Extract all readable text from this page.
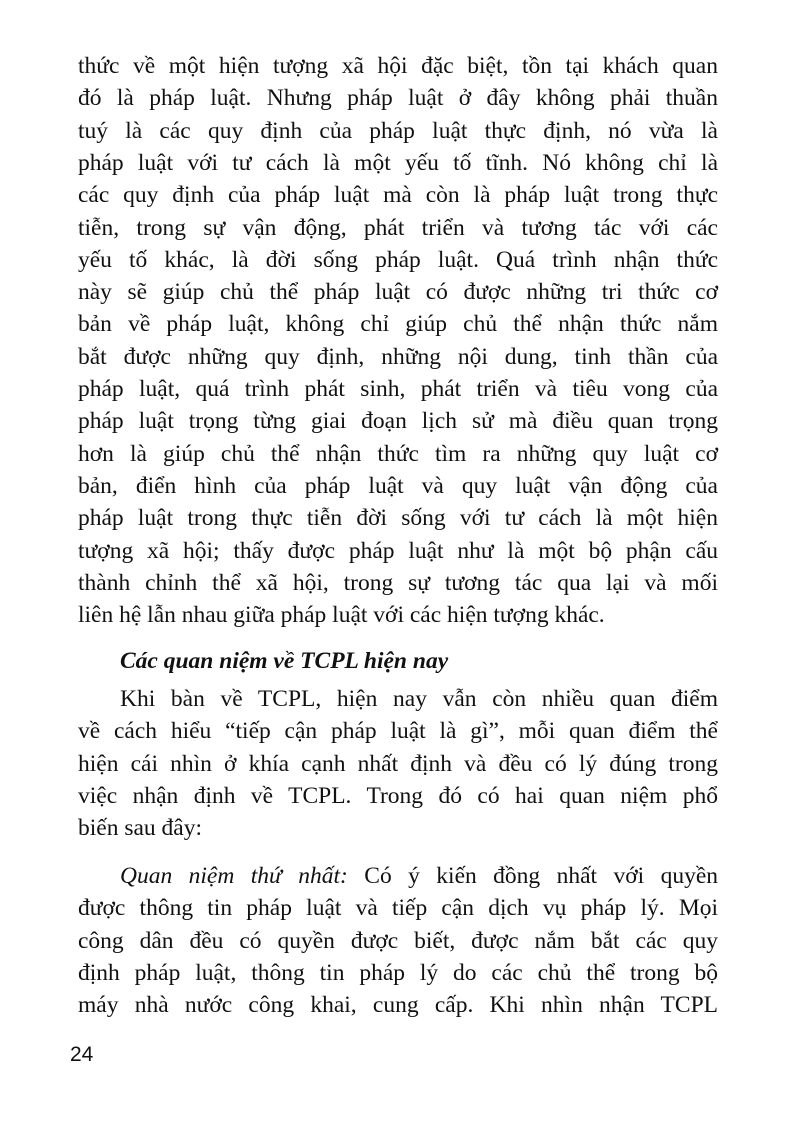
thức về một hiện tượng xã hội đặc biệt, tồn tại khách quan
đó là pháp luật. Nhưng pháp luật ở đây không phải thuần
tuý là các quy định của pháp luật thực định, nó vừa là
pháp luật với tư cách là một yếu tố tĩnh. Nó không chỉ là
các quy định của pháp luật mà còn là pháp luật trong thực
tiễn, trong sự vận động, phát triển và tương tác với các
yếu tố khác, là đời sống pháp luật. Quá trình nhận thức
này sẽ giúp chủ thể pháp luật có được những tri thức cơ
bản về pháp luật, không chỉ giúp chủ thể nhận thức nắm
bắt được những quy định, những nội dung, tinh thần của
pháp luật, quá trình phát sinh, phát triển và tiêu vong của
pháp luật trọng từng giai đoạn lịch sử mà điều quan trọng
hơn là giúp chủ thể nhận thức tìm ra những quy luật cơ
bản, điển hình của pháp luật và quy luật vận động của
pháp luật trong thực tiễn đời sống với tư cách là một hiện
tượng xã hội; thấy được pháp luật như là một bộ phận cấu
thành chỉnh thể xã hội, trong sự tương tác qua lại và mối
liên hệ lẫn nhau giữa pháp luật với các hiện tượng khác.
Các quan niệm về TCPL hiện nay
Khi bàn về TCPL, hiện nay vẫn còn nhiều quan điểm
về cách hiểu “tiếp cận pháp luật là gì”, mỗi quan điểm thể
hiện cái nhìn ở khía cạnh nhất định và đều có lý đúng trong
việc nhận định về TCPL. Trong đó có hai quan niệm phổ
biến sau đây:
Quan niệm thứ nhất: Có ý kiến đồng nhất với quyền
được thông tin pháp luật và tiếp cận dịch vụ pháp lý. Mọi
công dân đều có quyền được biết, được nắm bắt các quy
định pháp luật, thông tin pháp lý do các chủ thể trong bộ
máy nhà nước công khai, cung cấp. Khi nhìn nhận TCPL
24
